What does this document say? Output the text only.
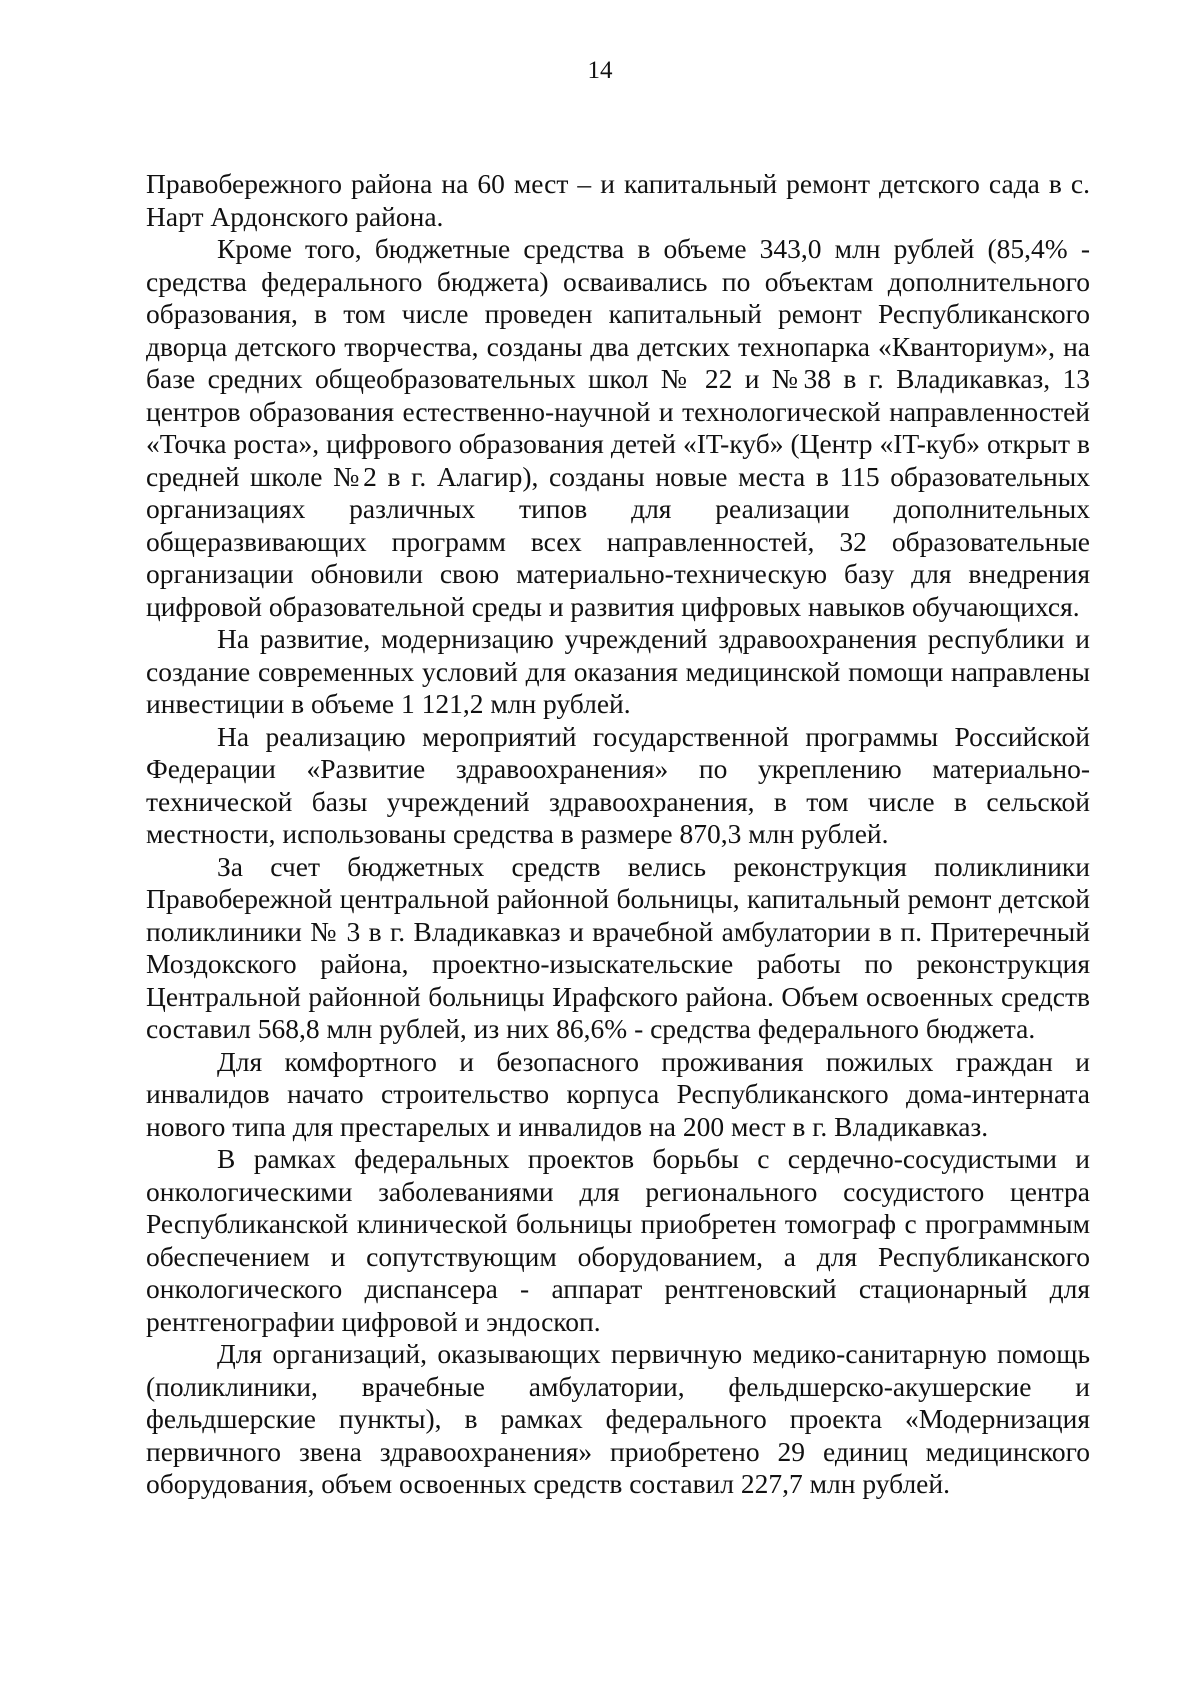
14

Правобережного района на 60 мест – и капитальный ремонт детского сада в с. Нарт Ардонского района.

Кроме того, бюджетные средства в объеме 343,0 млн рублей (85,4% - средства федерального бюджета) осваивались по объектам дополнительного образования, в том числе проведен капитальный ремонт Республиканского дворца детского творчества, созданы два детских технопарка «Кванториум», на базе средних общеобразовательных школ № 22 и №38 в г. Владикавказ, 13 центров образования естественно-научной и технологической направленностей «Точка роста», цифрового образования детей «IT-куб» (Центр «IT-куб» открыт в средней школе №2 в г. Алагир), созданы новые места в 115 образовательных организациях различных типов для реализации дополнительных общеразвивающих программ всех направленностей, 32 образовательные организации обновили свою материально-техническую базу для внедрения цифровой образовательной среды и развития цифровых навыков обучающихся.

На развитие, модернизацию учреждений здравоохранения республики и создание современных условий для оказания медицинской помощи направлены инвестиции в объеме 1 121,2 млн рублей.

На реализацию мероприятий государственной программы Российской Федерации «Развитие здравоохранения» по укреплению материально-технической базы учреждений здравоохранения, в том числе в сельской местности, использованы средства в размере 870,3 млн рублей.

За счет бюджетных средств велись реконструкция поликлиники Правобережной центральной районной больницы, капитальный ремонт детской поликлиники № 3 в г. Владикавказ и врачебной амбулатории в п. Притеречный Моздокского района, проектно-изыскательские работы по реконструкция Центральной районной больницы Ирафского района. Объем освоенных средств составил 568,8 млн рублей, из них 86,6% - средства федерального бюджета.

Для комфортного и безопасного проживания пожилых граждан и инвалидов начато строительство корпуса Республиканского дома-интерната нового типа для престарелых и инвалидов на 200 мест в г. Владикавказ.

В рамках федеральных проектов борьбы с сердечно-сосудистыми и онкологическими заболеваниями для регионального сосудистого центра Республиканской клинической больницы приобретен томограф с программным обеспечением и сопутствующим оборудованием, а для Республиканского онкологического диспансера - аппарат рентгеновский стационарный для рентгенографии цифровой и эндоскоп.

Для организаций, оказывающих первичную медико-санитарную помощь (поликлиники, врачебные амбулатории, фельдшерско-акушерские и фельдшерские пункты), в рамках федерального проекта «Модернизация первичного звена здравоохранения» приобретено 29 единиц медицинского оборудования, объем освоенных средств составил 227,7 млн рублей.
